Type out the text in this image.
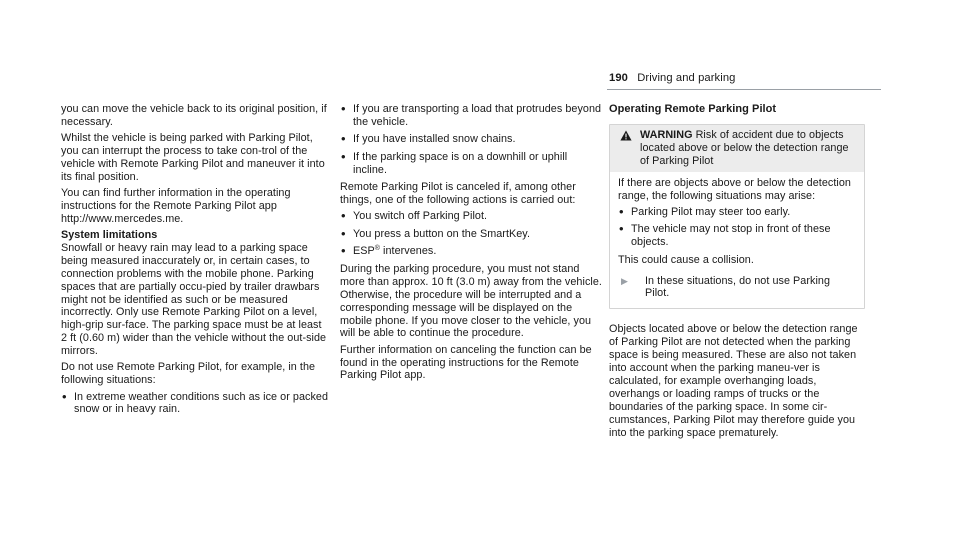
190 Driving and parking

you can move the vehicle back to its original position, if necessary.

Whilst the vehicle is being parked with Parking Pilot, you can interrupt the process to take con-trol of the vehicle with Remote Parking Pilot and maneuver it into its final position.

You can find further information in the operating instructions for the Remote Parking Pilot app http://www.mercedes.me.

System limitations

Snowfall or heavy rain may lead to a parking space being measured inaccurately or, in certain cases, to connection problems with the mobile phone. Parking spaces that are partially occu-pied by trailer drawbars might not be identified as such or be measured incorrectly. Only use Remote Parking Pilot on a level, high-grip sur-face. The parking space must be at least 2 ft (0.60 m) wider than the vehicle without the out-side mirrors.

Do not use Remote Parking Pilot, for example, in the following situations:

• In extreme weather conditions such as ice or packed snow or in heavy rain.
• If you are transporting a load that protrudes beyond the vehicle.
• If you have installed snow chains.
• If the parking space is on a downhill or uphill incline.

Remote Parking Pilot is canceled if, among other things, one of the following actions is carried out:

• You switch off Parking Pilot.
• You press a button on the SmartKey.
• ESP® intervenes.

During the parking procedure, you must not stand more than approx. 10 ft (3.0 m) away from the vehicle. Otherwise, the procedure will be interrupted and a corresponding message will be displayed on the mobile phone. If you move closer to the vehicle, you will be able to continue the procedure.

Further information on canceling the function can be found in the operating instructions for the Remote Parking Pilot app.

Operating Remote Parking Pilot
WARNING Risk of accident due to objects located above or below the detection range of Parking Pilot

If there are objects above or below the detection range, the following situations may arise:

• Parking Pilot may steer too early.
• The vehicle may not stop in front of these objects.

This could cause a collision.

▶	In these situations, do not use Parking Pilot.

Objects located above or below the detection range of Parking Pilot are not detected when the parking space is being measured. These are also not taken into account when the parking maneu-ver is calculated, for example overhanging loads, overhangs or loading ramps of trucks or the boundaries of the parking space. In some cir-cumstances, Parking Pilot may therefore guide you into the parking space prematurely.
